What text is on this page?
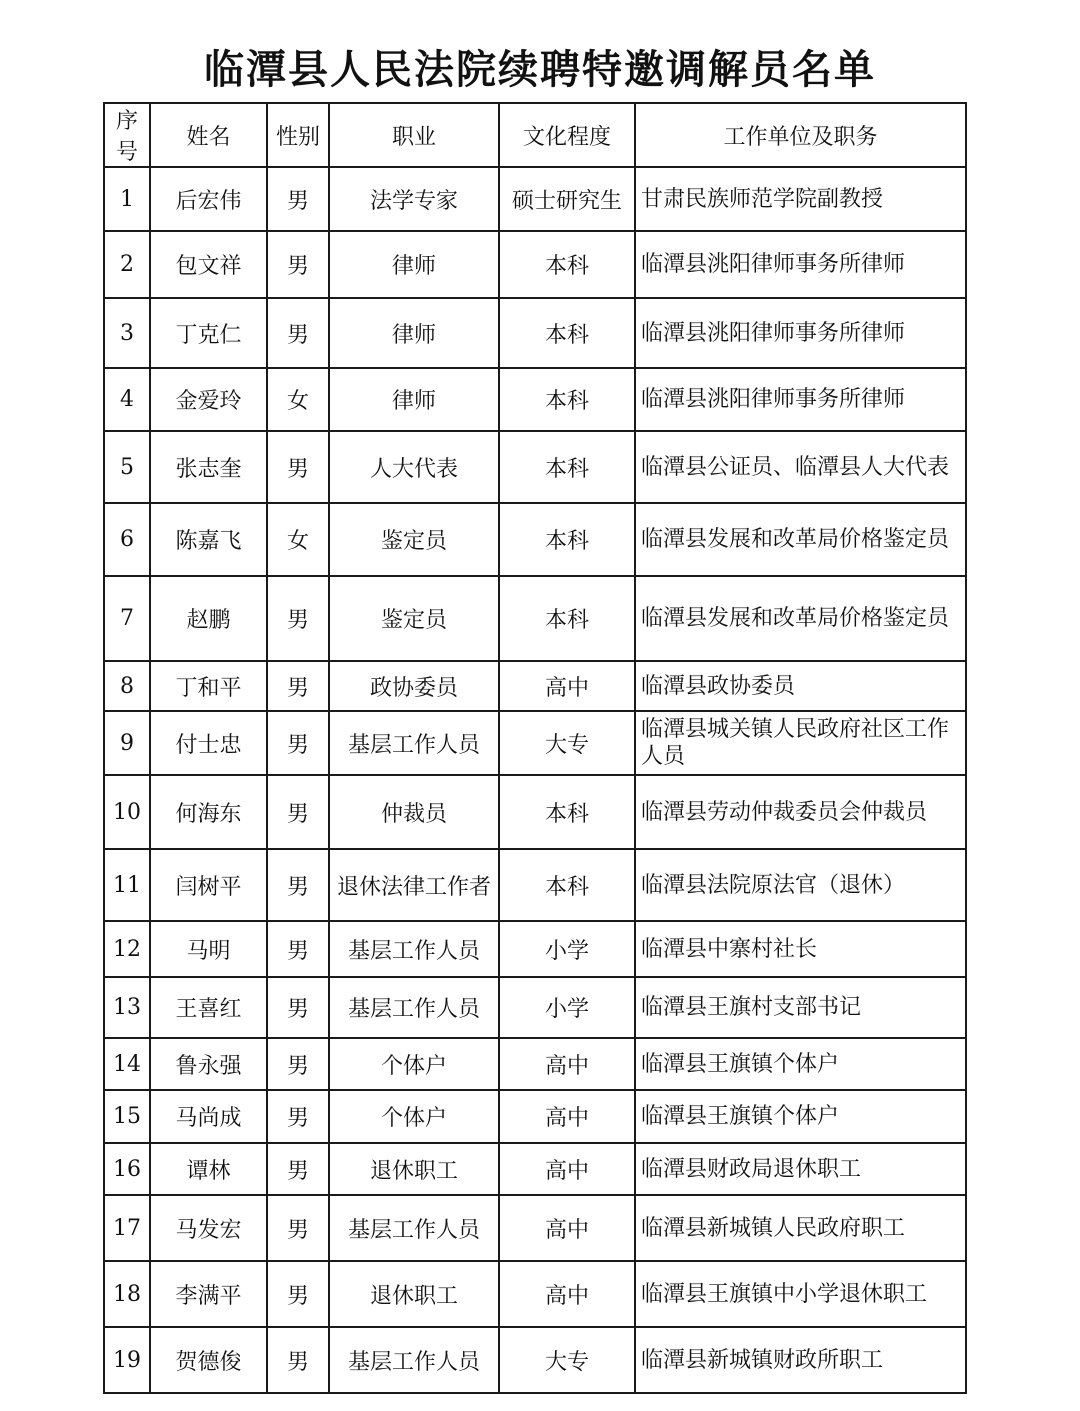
临潭县人民法院续聘特邀调解员名单
序号	姓名	性别	职业	文化程度	工作单位及职务
1	后宏伟	男	法学专家	硕士研究生	甘肃民族师范学院副教授
2	包文祥	男	律师	本科	临潭县洮阳律师事务所律师
3	丁克仁	男	律师	本科	临潭县洮阳律师事务所律师
4	金爱玲	女	律师	本科	临潭县洮阳律师事务所律师
5	张志奎	男	人大代表	本科	临潭县公证员、临潭县人大代表
6	陈嘉飞	女	鉴定员	本科	临潭县发展和改革局价格鉴定员
7	赵鹏	男	鉴定员	本科	临潭县发展和改革局价格鉴定员
8	丁和平	男	政协委员	高中	临潭县政协委员
9	付士忠	男	基层工作人员	大专	临潭县城关镇人民政府社区工作人员
10	何海东	男	仲裁员	本科	临潭县劳动仲裁委员会仲裁员
11	闫树平	男	退休法律工作者	本科	临潭县法院原法官（退休）
12	马明	男	基层工作人员	小学	临潭县中寨村社长
13	王喜红	男	基层工作人员	小学	临潭县王旗村支部书记
14	鲁永强	男	个体户	高中	临潭县王旗镇个体户
15	马尚成	男	个体户	高中	临潭县王旗镇个体户
16	谭林	男	退休职工	高中	临潭县财政局退休职工
17	马发宏	男	基层工作人员	高中	临潭县新城镇人民政府职工
18	李满平	男	退休职工	高中	临潭县王旗镇中小学退休职工
19	贺德俊	男	基层工作人员	大专	临潭县新城镇财政所职工
